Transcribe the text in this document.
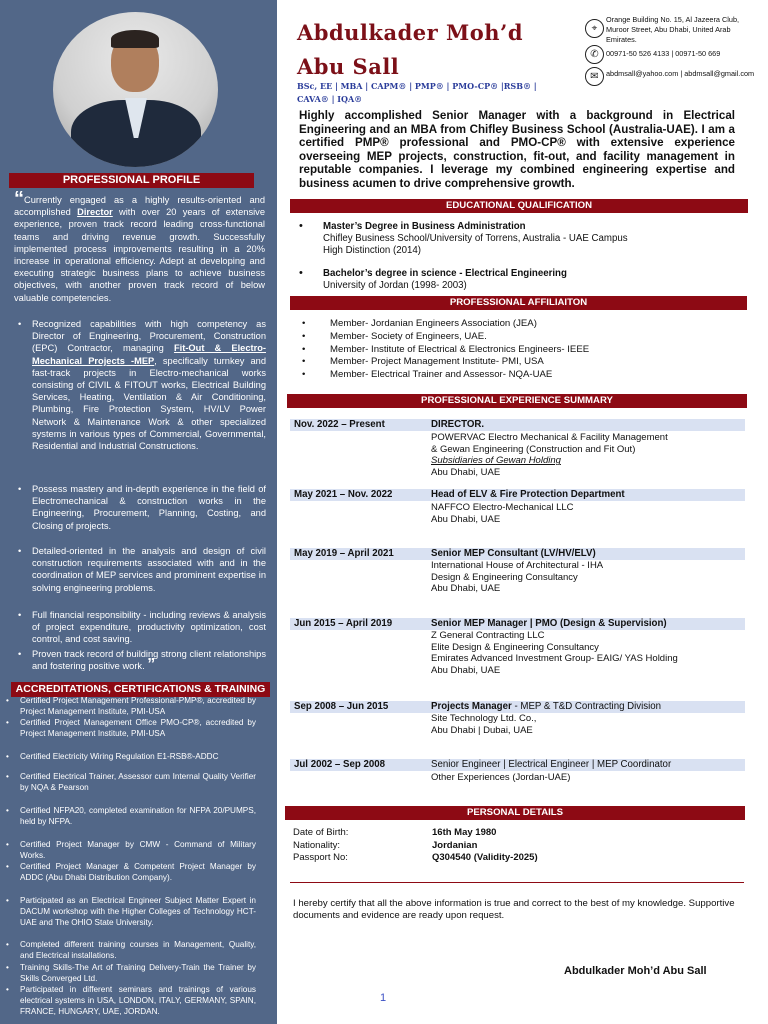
PROFESSIONAL PROFILE
“Currently engaged as a highly results-oriented and accomplished Director with over 20 years of extensive experience, proven track record leading cross-functional teams and driving revenue growth. Successfully implemented process improvements resulting in a 20% increase in operational efficiency. Adept at developing and executing strategic business plans to achieve business objectives, with another proven track record of below valuable competencies.
• Recognized capabilities with high competency as Director of Engineering, Procurement, Construction (EPC) Contractor, managing Fit-Out & Electro-Mechanical Projects -MEP, specifically turnkey and fast-track projects in Electro-mechanical works consisting of CIVIL & FITOUT works, Electrical Building Services, Heating, Ventilation & Air Conditioning, Plumbing, Fire Protection System, HV/LV Power Network & Maintenance Work & other specialized systems in various types of Commercial, Governmental, Residential and Industrial Constructions.
• Possess mastery and in-depth experience in the field of Electromechanical & construction works in the Engineering, Procurement, Planning, Costing, and Closing of projects.
• Detailed-oriented in the analysis and design of civil construction requirements associated with and in the coordination of MEP services and prominent expertise in solving engineering problems.
• Full financial responsibility - including reviews & analysis of project expenditure, productivity optimization, cost control, and cost saving.
• Proven track record of building strong client relationships and fostering positive work. ”
ACCREDITATIONS, CERTIFICATIONS & TRAINING
• Certified Project Management Professional-PMP®, accredited by Project Management Institute, PMI-USA
• Certified Project Management Office PMO-CP®, accredited by Project Management Institute, PMI-USA
• Certified Electricity Wiring Regulation E1-RSB®-ADDC
• Certified Electrical Trainer, Assessor cum Internal Quality Verifier by NQA & Pearson
• Certified NFPA20, completed examination for NFPA 20/PUMPS, held by NFPA.
• Certified Project Manager by CMW - Command of Military Works.
• Certified Project Manager & Competent Project Manager by ADDC (Abu Dhabi Distribution Company).
• Participated as an Electrical Engineer Subject Matter Expert in DACUM workshop with the Higher Colleges of Technology HCT-UAE and The OHIO State University.
• Completed different training courses in Management, Quality, and Electrical installations.
• Training Skills-The Art of Training Delivery-Train the Trainer by Skills Converged Ltd.
• Participated in different seminars and trainings of various electrical systems in USA, LONDON, ITALY, GERMANY, SPAIN, FRANCE, HUNGARY, UAE, JORDAN.
Abdulkader Moh’d
Abu Sall
BSc, EE | MBA | CAPM® | PMP® | PMO-CP® |RSB® |
CAVA® | IQA®
⌖
Orange Building No. 15, Al Jazeera Club,
Muroor Street, Abu Dhabi, United Arab
Emirates.
✆	00971-50 526 4133 | 00971-50 669
✉	abdmsall@yahoo.com | abdmsall@gmail.com
Highly accomplished Senior Manager with a background in Electrical Engineering and an MBA from Chifley Business School (Australia-UAE). I am a certified PMP® professional and PMO-CP® with extensive experience overseeing MEP projects, construction, fit-out, and facility management in reputable companies. I leverage my combined engineering expertise and business acumen to drive comprehensive growth.
EDUCATIONAL QUALIFICATION
• Master’s Degree in Business Administration
Chifley Business School/University of Torrens, Australia - UAE Campus
High Distinction (2014)
• Bachelor’s degree in science - Electrical Engineering
University of Jordan (1998- 2003)
PROFESSIONAL AFFILIAITON
• Member- Jordanian Engineers Association (JEA)
• Member- Society of Engineers, UAE.
• Member- Institute of Electrical & Electronics Engineers- IEEE
• Member- Project Management Institute- PMI, USA
• Member- Electrical Trainer and Assessor- NQA-UAE
PROFESSIONAL EXPERIENCE SUMMARY
Nov. 2022 – Present	DIRECTOR.
POWERVAC Electro Mechanical & Facility Management
& Gewan Engineering (Construction and Fit Out)
Subsidiaries of Gewan Holding
Abu Dhabi, UAE
May 2021 – Nov. 2022	Head of ELV & Fire Protection Department
NAFFCO Electro-Mechanical LLC
Abu Dhabi, UAE
May 2019 – April 2021	Senior MEP Consultant (LV/HV/ELV)
International House of Architectural - IHA
Design & Engineering Consultancy
Abu Dhabi, UAE
Jun 2015 – April 2019	Senior MEP Manager | PMO (Design & Supervision)
Z General Contracting LLC
Elite Design & Engineering Consultancy
Emirates Advanced Investment Group- EAIG/ YAS Holding
Abu Dhabi, UAE
Sep 2008 – Jun 2015	Projects Manager - MEP & T&D Contracting Division
Site Technology Ltd. Co.,
Abu Dhabi | Dubai, UAE
Jul 2002 – Sep 2008	Senior Engineer | Electrical Engineer | MEP Coordinator
Other Experiences (Jordan-UAE)
PERSONAL DETAILS
Date of Birth:	16th May 1980
Nationality:	Jordanian
Passport No:	Q304540 (Validity-2025)
I hereby certify that all the above information is true and correct to the best of my knowledge. Supportive documents and evidence are ready upon request.
Abdulkader Moh’d Abu Sall
1
